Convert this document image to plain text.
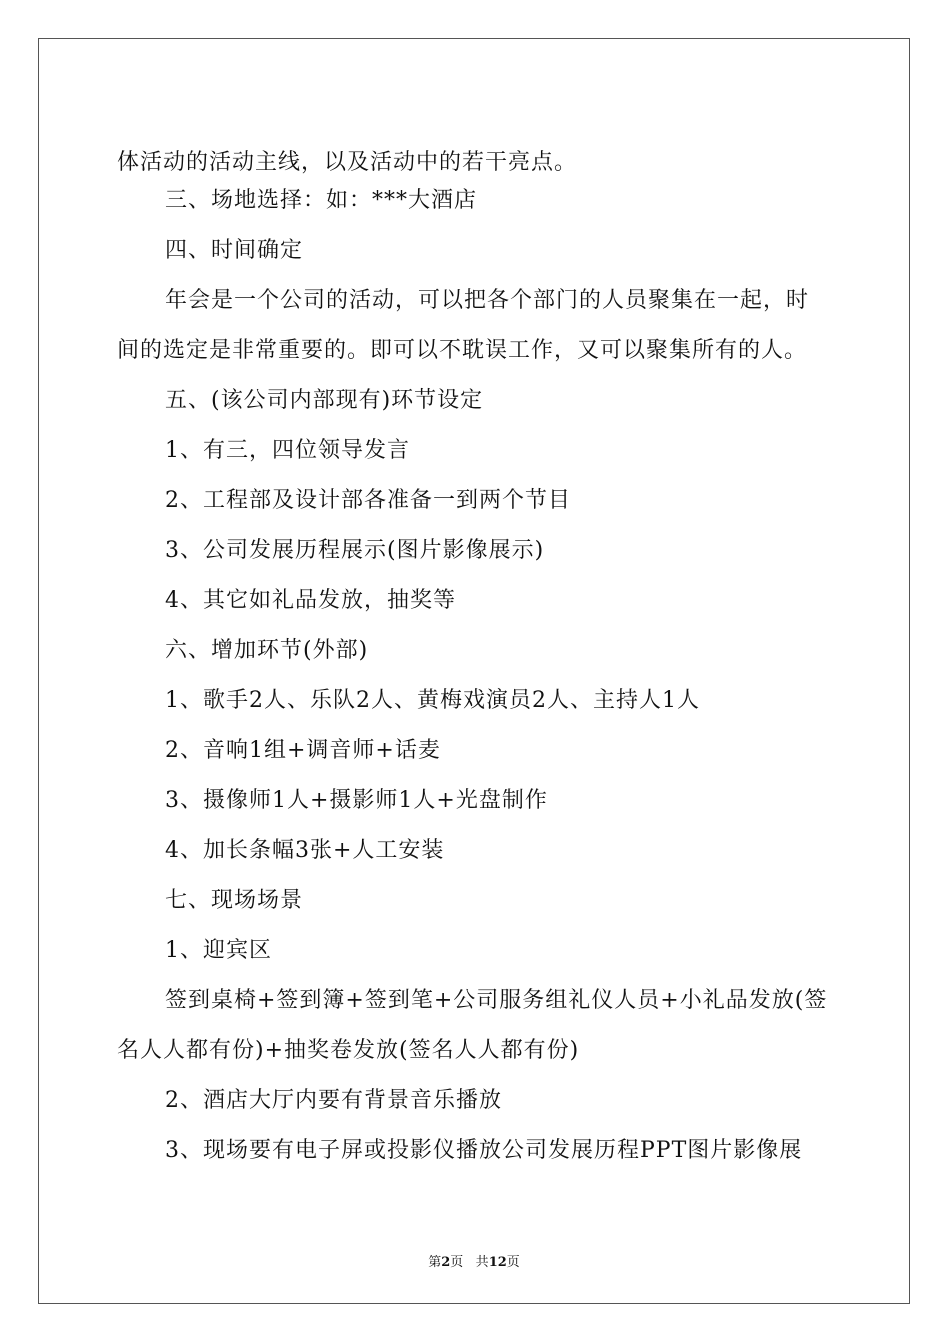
体活动的活动主线，以及活动中的若干亮点。
三、场地选择：如：***大酒店
四、时间确定
年会是一个公司的活动，可以把各个部门的人员聚集在一起，时
间的选定是非常重要的。即可以不耽误工作，又可以聚集所有的人。
五、(该公司内部现有)环节设定
1、有三，四位领导发言
2、工程部及设计部各准备一到两个节目
3、公司发展历程展示(图片影像展示)
4、其它如礼品发放，抽奖等
六、增加环节(外部)
1、歌手2人、乐队2人、黄梅戏演员2人、主持人1人
2、音响1组+调音师+话麦
3、摄像师1人+摄影师1人+光盘制作
4、加长条幅3张+人工安装
七、现场场景
1、迎宾区
签到桌椅+签到簿+签到笔+公司服务组礼仪人员+小礼品发放(签
名人人都有份)+抽奖卷发放(签名人人都有份)
2、酒店大厅内要有背景音乐播放
3、现场要有电子屏或投影仪播放公司发展历程PPT图片影像展
第2页 共12页
